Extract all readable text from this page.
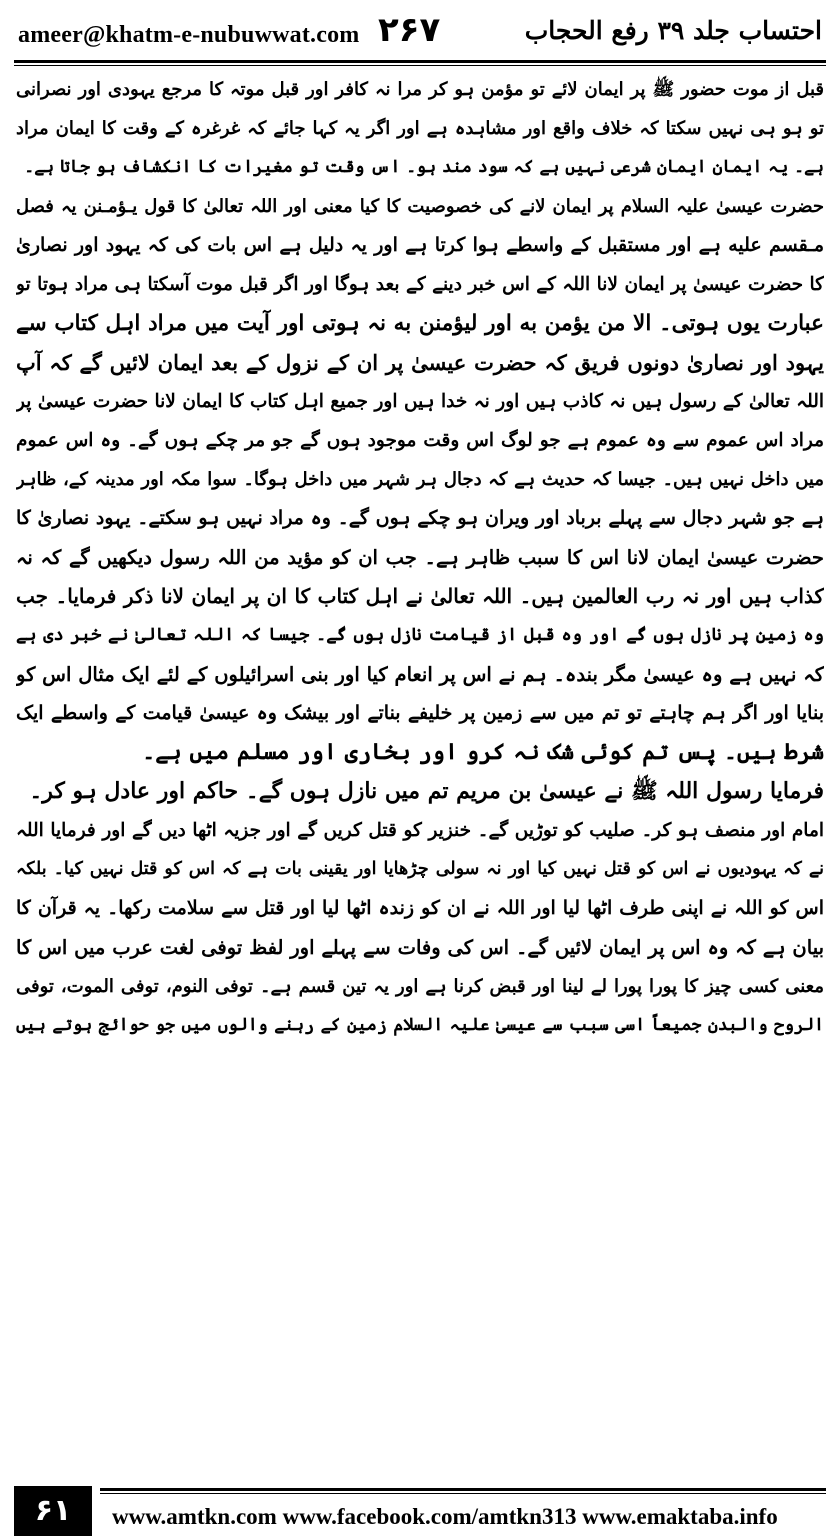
ameer@khatm-e-nubuwwat.com ۲۶۷	احتساب جلد ۳۹ رفع الحجاب
قبل از موت حضور ﷺ پر ایمان لائے تو مؤمن ہو کر مرا نہ کافر اور قبل موتہ کا مرجع یہودی اور نصرانی
تو ہو ہی نہیں سکتا کہ خلاف واقع اور مشاہدہ ہے اور اگر یہ کہا جائے کہ غرغرہ کے وقت کا ایمان مراد
ہے۔ یہ ایمان ایمان شرعی نہیں ہے کہ سود مند ہو۔ اس وقت تو مغیرات کا انکشاف ہو جاتا ہے۔
حضرت عیسیٰ علیہ السلام پر ایمان لانے کی خصوصیت کا کیا معنی اور اللہ تعالیٰ کا قول یـؤمـنن یہ فصل
مـقسم علیه ہے اور مستقبل کے واسطے ہوا کرتا ہے اور یہ دلیل ہے اس بات کی کہ یہود اور نصاریٰ
کا حضرت عیسیٰ پر ایمان لانا اللہ کے اس خبر دینے کے بعد ہوگا اور اگر قبل موت آسکتا ہی مراد ہوتا تو
عبارت یوں ہوتی۔ الا من یؤمن به اور لیؤمنن به نہ ہوتی اور آیت میں مراد اہل کتاب سے
یہود اور نصاریٰ دونوں فریق کہ حضرت عیسیٰ پر ان کے نزول کے بعد ایمان لائیں گے کہ آپ
اللہ تعالیٰ کے رسول ہیں نہ کاذب ہیں اور نہ خدا ہیں اور جمیع اہل کتاب کا ایمان لانا حضرت عیسیٰ پر
مراد اس عموم سے وہ عموم ہے جو لوگ اس وقت موجود ہوں گے جو مر چکے ہوں گے۔ وہ اس عموم
میں داخل نہیں ہیں۔ جیسا کہ حدیث ہے کہ دجال ہر شہر میں داخل ہوگا۔ سوا مکہ اور مدینہ کے، ظاہر
ہے جو شہر دجال سے پہلے برباد اور ویران ہو چکے ہوں گے۔ وہ مراد نہیں ہو سکتے۔ یہود نصاریٰ کا
حضرت عیسیٰ ایمان لانا اس کا سبب ظاہر ہے۔ جب ان کو مؤید من اللہ رسول دیکھیں گے کہ نہ
کذاب ہیں اور نہ رب العالمین ہیں۔ اللہ تعالیٰ نے اہل کتاب کا ان پر ایمان لانا ذکر فرمایا۔ جب
وہ زمین پر نازل ہوں گے اور وہ قبل از قیامت نازل ہوں گے۔ جیسا کہ اللہ تعالیٰ نے خبر دی ہے
کہ نہیں ہے وہ عیسیٰ مگر بندہ۔ ہم نے اس پر انعام کیا اور بنی اسرائیلوں کے لئے ایک مثال اس کو
بنایا اور اگر ہم چاہتے تو تم میں سے زمین پر خلیفے بناتے اور بیشک وہ عیسیٰ قیامت کے واسطے ایک
شرط ہیں۔ پس تم کوئی شک نہ کرو اور بخاری اور مسلم میں ہے۔
فرمایا رسول اللہ ﷺ نے عیسیٰ بن مریم تم میں نازل ہوں گے۔ حاکم اور عادل ہو کر۔
امام اور منصف ہو کر۔ صلیب کو توڑیں گے۔ خنزیر کو قتل کریں گے اور جزیہ اٹھا دیں گے اور فرمایا اللہ
نے کہ یہودیوں نے اس کو قتل نہیں کیا اور نہ سولی چڑھایا اور یقینی بات ہے کہ اس کو قتل نہیں کیا۔ بلکہ
اس کو اللہ نے اپنی طرف اٹھا لیا اور اللہ نے ان کو زندہ اٹھا لیا اور قتل سے سلامت رکھا۔ یہ قرآن کا
بیان ہے کہ وہ اس پر ایمان لائیں گے۔ اس کی وفات سے پہلے اور لفظ توفی لغت عرب میں اس کا
معنی کسی چیز کا پورا پورا لے لینا اور قبض کرنا ہے اور یہ تین قسم ہے۔ توفی النوم، توفی الموت، توفی
الروح والبدن جمیعاً اسی سبب سے عیسیٰ علیہ السلام زمین کے رہنے والوں میں جو حوائج ہوتے ہیں
۶۱	www.amtkn.com www.facebook.com/amtkn313 www.emaktaba.info
